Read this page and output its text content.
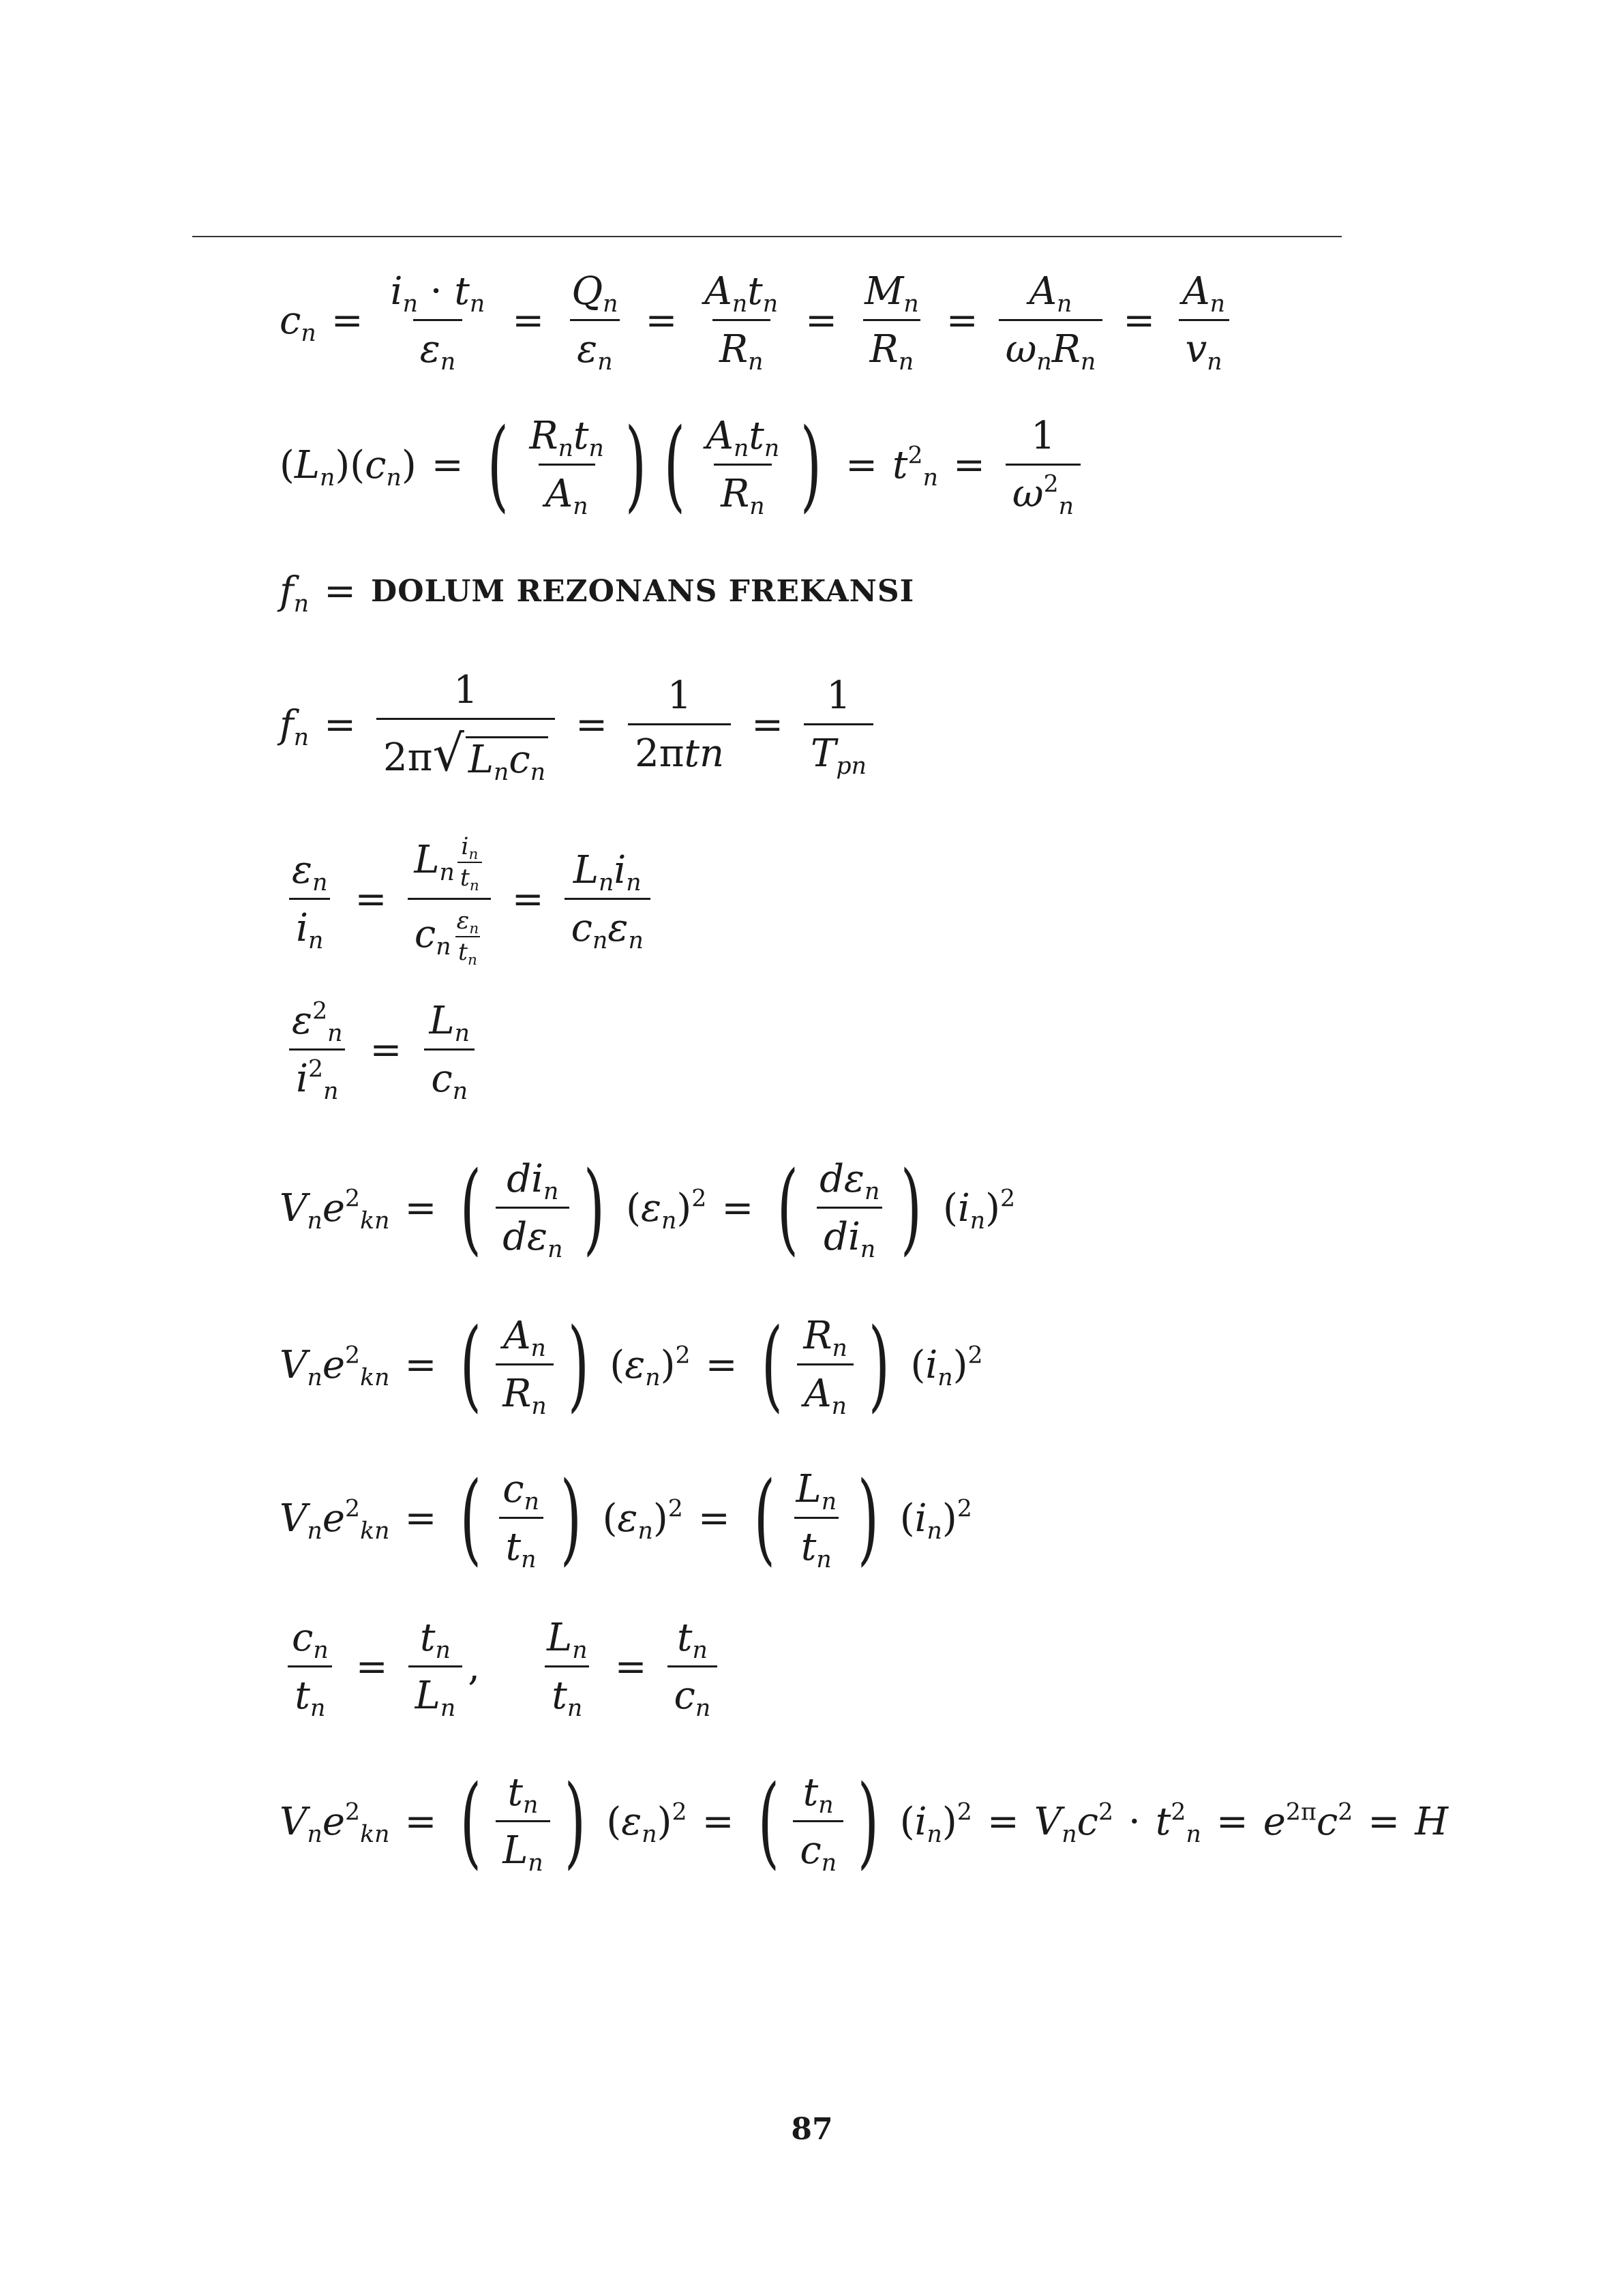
$c_n = \frac{i_n \cdot t_n}{\varepsilon_n} = \frac{Q_n}{\varepsilon_n} = \frac{A_nt_n}{R_n} = \frac{M_n}{R_n} = \frac{A_n}{\omega_nR_n} = \frac{A_n}{v_n}$
( $L_n$ )( $c_n$ ) = ( $\frac{R_nt_n}{A_n}$ ) ( $\frac{A_nt_n}{R_n}$ ) = $t^2_n = \frac{1}{\omega^2_n}$
$f_n$ = DOLUM REZONANS FREKANSI
$f_n = \frac{1}{2\pi √ L_nc_n} = \frac{1}{\text{2πtn}} = \frac{1}{T_{pn}}$
$\frac{\varepsilon_n}{i_n} = \frac{L_n \frac{i_n}{t_n}}{c_n \frac{\varepsilon_n}{t_n}} = \frac{L_ni_n}{c_n\varepsilon_n}$
$\frac{\varepsilon^2_n}{i^2_n} = \frac{L_n}{c_n}$
$V_ne^2_{kn}$ = ( $\frac{di_n}{d\varepsilon_n}$ ) ( $\varepsilon_n$ )$^2$ = ( $\frac{d\varepsilon_n}{di_n}$ ) ( $i_n$ )$^2$
$V_ne^2_{kn}$ = ( $\frac{A_n}{R_n}$ ) ( $\varepsilon_n$ )$^2$ = ( $\frac{R_n}{A_n}$ ) ( $i_n$ )$^2$
$V_ne^2_{kn}$ = ( $\frac{c_n}{t_n}$ ) ( $\varepsilon_n$ )$^2$ = ( $\frac{L_n}{t_n}$ ) ( $i_n$ )$^2$
$\frac{c_n}{t_n} = \frac{t_n}{L_n}$ , $\frac{L_n}{t_n} = \frac{t_n}{c_n}$
$V_ne^2_{kn}$ = ( $\frac{t_n}{L_n}$ ) ( $\varepsilon_n$ )$^2$ = ( $\frac{t_n}{c_n}$ ) ( $i_n$ )$^2 = V_nc^2 \cdot t^2_n = e^{2\pi}c^2 = H$
87
